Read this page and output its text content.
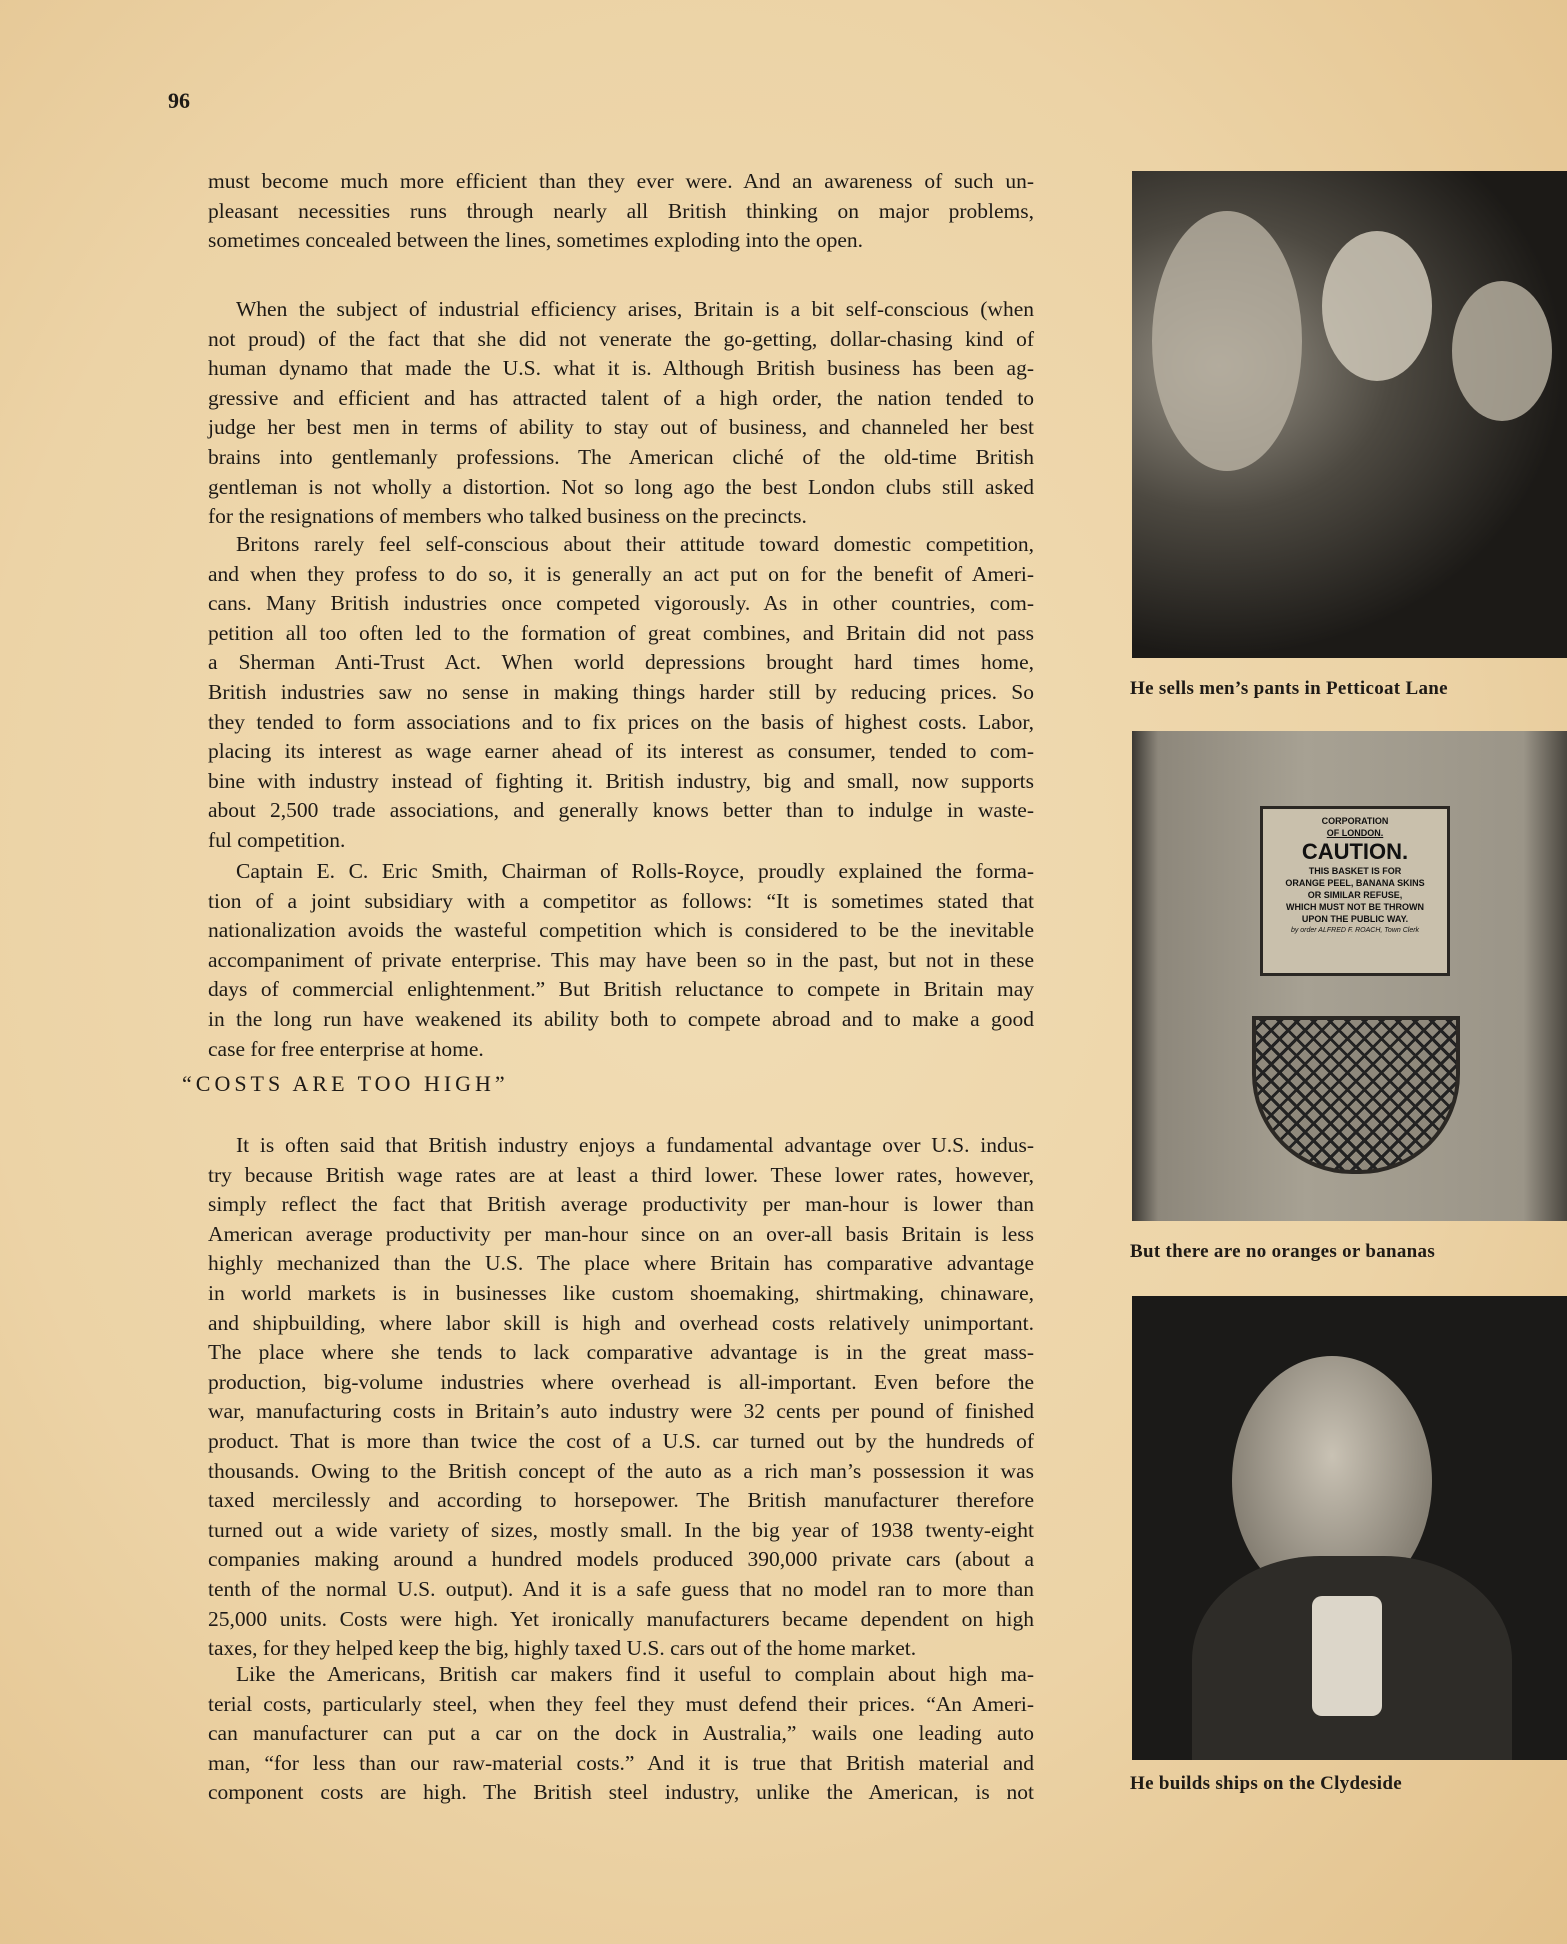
96
must become much more efficient than they ever were. And an awareness of such un-
pleasant necessities runs through nearly all British thinking on major problems,
sometimes concealed between the lines, sometimes exploding into the open.
When the subject of industrial efficiency arises, Britain is a bit self-conscious (when
not proud) of the fact that she did not venerate the go-getting, dollar-chasing kind of
human dynamo that made the U.S. what it is. Although British business has been ag-
gressive and efficient and has attracted talent of a high order, the nation tended to
judge her best men in terms of ability to stay out of business, and channeled her best
brains into gentlemanly professions. The American cliché of the old-time British
gentleman is not wholly a distortion. Not so long ago the best London clubs still asked
for the resignations of members who talked business on the precincts.
Britons rarely feel self-conscious about their attitude toward domestic competition,
and when they profess to do so, it is generally an act put on for the benefit of Ameri-
cans. Many British industries once competed vigorously. As in other countries, com-
petition all too often led to the formation of great combines, and Britain did not pass
a Sherman Anti-Trust Act. When world depressions brought hard times home,
British industries saw no sense in making things harder still by reducing prices. So
they tended to form associations and to fix prices on the basis of highest costs. Labor,
placing its interest as wage earner ahead of its interest as consumer, tended to com-
bine with industry instead of fighting it. British industry, big and small, now supports
about 2,500 trade associations, and generally knows better than to indulge in waste-
ful competition.
Captain E. C. Eric Smith, Chairman of Rolls-Royce, proudly explained the forma-
tion of a joint subsidiary with a competitor as follows: “It is sometimes stated that
nationalization avoids the wasteful competition which is considered to be the inevitable
accompaniment of private enterprise. This may have been so in the past, but not in these
days of commercial enlightenment.” But British reluctance to compete in Britain may
in the long run have weakened its ability both to compete abroad and to make a good
case for free enterprise at home.
It is often said that British industry enjoys a fundamental advantage over U.S. indus-
try because British wage rates are at least a third lower. These lower rates, however,
simply reflect the fact that British average productivity per man-hour is lower than
American average productivity per man-hour since on an over-all basis Britain is less
highly mechanized than the U.S. The place where Britain has comparative advantage
in world markets is in businesses like custom shoemaking, shirtmaking, chinaware,
and shipbuilding, where labor skill is high and overhead costs relatively unimportant.
The place where she tends to lack comparative advantage is in the great mass-
production, big-volume industries where overhead is all-important. Even before the
war, manufacturing costs in Britain’s auto industry were 32 cents per pound of finished
product. That is more than twice the cost of a U.S. car turned out by the hundreds of
thousands. Owing to the British concept of the auto as a rich man’s possession it was
taxed mercilessly and according to horsepower. The British manufacturer therefore
turned out a wide variety of sizes, mostly small. In the big year of 1938 twenty-eight
companies making around a hundred models produced 390,000 private cars (about a
tenth of the normal U.S. output). And it is a safe guess that no model ran to more than
25,000 units. Costs were high. Yet ironically manufacturers became dependent on high
taxes, for they helped keep the big, highly taxed U.S. cars out of the home market.
Like the Americans, British car makers find it useful to complain about high ma-
terial costs, particularly steel, when they feel they must defend their prices. “An Ameri-
can manufacturer can put a car on the dock in Australia,” wails one leading auto
man, “for less than our raw-material costs.” And it is true that British material and
component costs are high. The British steel industry, unlike the American, is not
“COSTS ARE TOO HIGH”
He sells men’s pants in Petticoat Lane
CORPORATION
OF LONDON.
CAUTION.
THIS BASKET IS FOR
ORANGE PEEL, BANANA SKINS
OR SIMILAR REFUSE,
WHICH MUST NOT BE THROWN
UPON THE PUBLIC WAY.
by order ALFRED F. ROACH, Town Clerk
But there are no oranges or bananas
He builds ships on the Clydeside
